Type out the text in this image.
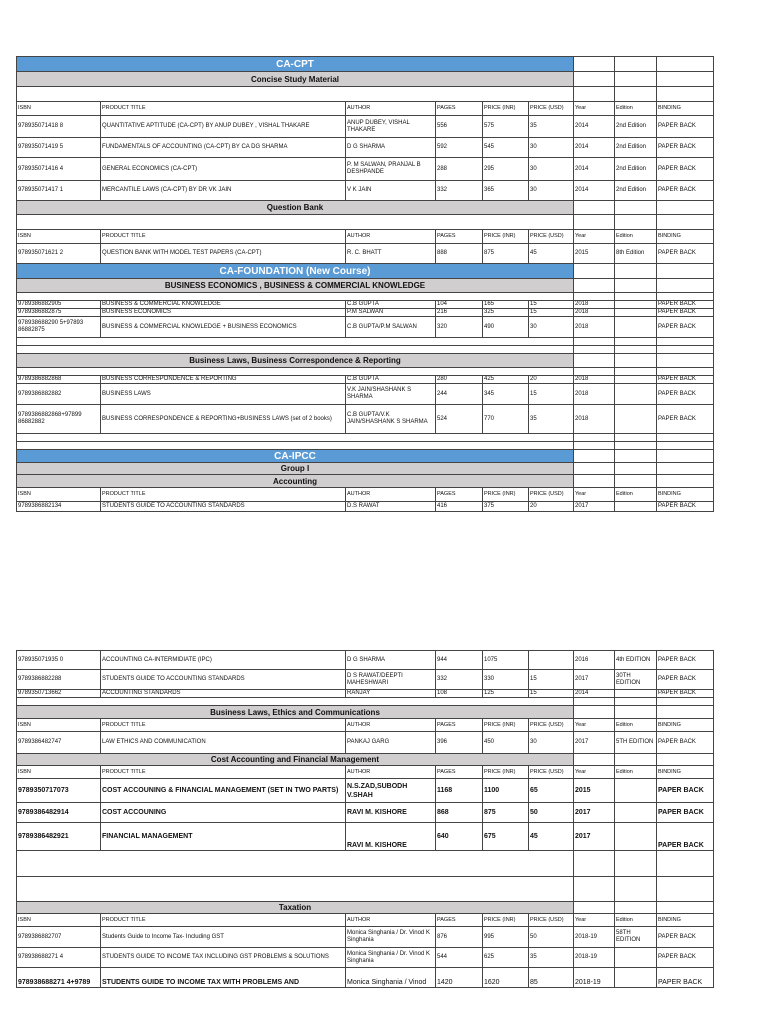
CA-CPT								
Concise Study Material								

ISBN	PRODUCT TITLE	AUTHOR	PAGES	PRICE (INR)	PRICE (USD)	Year	Edition	BINDING
978935071418 8	QUANTITATIVE APTITUDE (CA-CPT) BY ANUP DUBEY , VISHAL THAKARE	ANUP DUBEY, VISHAL THAKARE	556	575	35	2014	2nd Edition	PAPER BACK
978935071419 5	FUNDAMENTALS OF ACCOUNTING (CA-CPT) BY CA DG SHARMA	D G SHARMA	592	545	30	2014	2nd Edition	PAPER BACK
978935071416 4	GENERAL ECONOMICS (CA-CPT)	P. M SALWAN, PRANJAL B DESHPANDE	288	295	30	2014	2nd Edition	PAPER BACK
978935071417 1	MERCANTILE LAWS (CA-CPT) BY DR VK JAIN	V K JAIN	332	365	30	2014	2nd Edition	PAPER BACK
Question Bank								

ISBN	PRODUCT TITLE	AUTHOR	PAGES	PRICE (INR)	PRICE (USD)	Year	Edition	BINDING
978935071621 2	QUESTION BANK WITH MODEL TEST PAPERS (CA-CPT)	R. C. BHATT	888	875	45	2015	8th Edition	PAPER BACK
CA-FOUNDATION (New Course)								
BUSINESS ECONOMICS , BUSINESS & COMMERCIAL KNOWLEDGE								

9789386882905	BUSINESS & COMMERCIAL KNOWLEDGE	C.B GUPTA	104	165	15	2018		PAPER BACK
9789386882875	BUSINESS ECONOMICS	P.M SALWAN	216	325	15	2018		PAPER BACK
978938688290 5+97893 86882875	BUSINESS & COMMERCIAL KNOWLEDGE + BUSINESS ECONOMICS	C.B GUPTA/P.M SALWAN	320	490	30	2018		PAPER BACK

Business Laws, Business Correspondence & Reporting								

9789386882868	BUSINESS CORRESPONDENCE & REPORTING	C.B GUPTA	280	425	20	2018		PAPER BACK
9789386882882	BUSINESS LAWS	V.K JAIN/SHASHANK S SHARMA	244	345	15	2018		PAPER BACK
9789386882868+97899 86882882	BUSINESS CORRESPONDENCE & REPORTING+BUSINESS LAWS (set of 2 books)	C.B GUPTA/V.K JAIN/SHASHANK S SHARMA	524	770	35	2018		PAPER BACK

CA-IPCC								
Group I								
Accounting								
ISBN	PRODUCT TITLE	AUTHOR	PAGES	PRICE (INR)	PRICE (USD)	Year	Edition	BINDING
9789386882134	STUDENTS GUIDE TO ACCOUNTING STANDARDS	D.S RAWAT	416	375	20	2017		PAPER BACK
978935071935 0	ACCOUNTING CA-INTERMIDIATE (IPC)	D G SHARMA	944	1075		2016	4th EDITION	PAPER BACK
9789386882288	STUDENTS GUIDE TO ACCOUNTING STANDARDS	D S RAWAT/DEEPTI MAHESHWARI	332	330	15	2017	30TH EDITION	PAPER BACK
9789350713662	ACCOUNTING STANDARDS	RANJAY	108	125	15	2014		PAPER BACK

Business Laws, Ethics and Communications								
ISBN	PRODUCT TITLE	AUTHOR	PAGES	PRICE (INR)	PRICE (USD)	Year	Edition	BINDING
9789386482747	LAW ETHICS AND COMMUNICATION	PANKAJ GARG	396	450	30	2017	5TH EDITION	PAPER BACK
Cost Accounting and Financial Management								
ISBN	PRODUCT TITLE	AUTHOR	PAGES	PRICE (INR)	PRICE (USD)	Year	Edition	BINDING
9789350717073	COST ACCOUNING & FINANCIAL MANAGEMENT (SET IN TWO PARTS)	N.S.ZAD,SUBODH V.SHAH	1168	1100	65	2015		PAPER BACK
9789386482914	COST ACCOUNING	RAVI M. KISHORE	868	875	50	2017		PAPER BACK
9789386482921	FINANCIAL MANAGEMENT	RAVI M. KISHORE	640	675	45	2017		PAPER BACK

Taxation								
ISBN	PRODUCT TITLE	AUTHOR	PAGES	PRICE (INR)	PRICE (USD)	Year	Edition	BINDING
9789386882707	Students Guide to Income Tax- Including GST	Monica Singhania / Dr. Vinod K Singhania	876	995	50	2018-19	58TH EDITION	PAPER BACK
978938688271 4	STUDENTS GUIDE TO INCOME TAX INCLUDING GST PROBLEMS & SOLUTIONS	Monica Singhania / Dr. Vinod K Singhania	544	625	35	2018-19		PAPER BACK
978938688271 4+9789	STUDENTS GUIDE TO INCOME TAX WITH PROBLEMS AND	Monica Singhania / Vinod	1420	1620	85	2018-19		PAPER BACK
